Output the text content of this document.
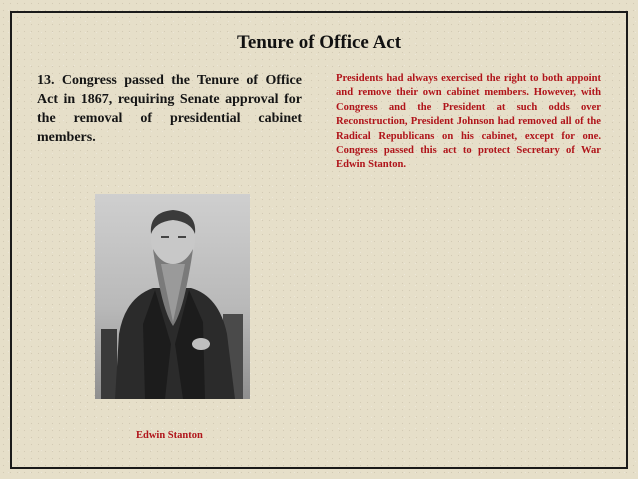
Tenure of Office Act
13. Congress passed the Tenure of Office Act in 1867, requiring Senate approval for the removal of presidential cabinet members.
Presidents had always exercised the right to both appoint and remove their own cabinet members. However, with Congress and the President at such odds over Reconstruction, President Johnson had removed all of the Radical Republicans on his cabinet, except for one. Congress passed this act to protect Secretary of War Edwin Stanton.
Edwin Stanton
